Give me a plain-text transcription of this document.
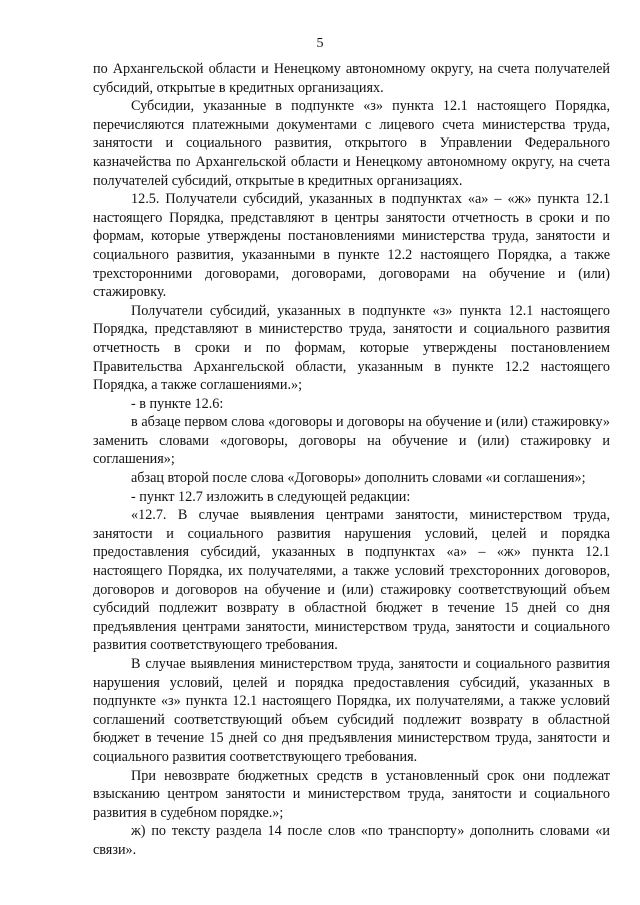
5

по Архангельской области и Ненецкому автономному округу, на счета получателей субсидий, открытые в кредитных организациях.

Субсидии, указанные в подпункте «з» пункта 12.1 настоящего Порядка, перечисляются платежными документами с лицевого счета министерства труда, занятости и социального развития, открытого в Управлении Федерального казначейства по Архангельской области и Ненецкому автономному округу, на счета получателей субсидий, открытые в кредитных организациях.

12.5. Получатели субсидий, указанных в подпунктах «а» – «ж» пункта 12.1 настоящего Порядка, представляют в центры занятости отчетность в сроки и по формам, которые утверждены постановлениями министерства труда, занятости и социального развития, указанными в пункте 12.2 настоящего Порядка, а также трехсторонними договорами, договорами, договорами на обучение и (или) стажировку.

Получатели субсидий, указанных в подпункте «з» пункта 12.1 настоящего Порядка, представляют в министерство труда, занятости и социального развития отчетность в сроки и по формам, которые утверждены постановлением Правительства Архангельской области, указанным в пункте 12.2 настоящего Порядка, а также соглашениями.»;

- в пункте 12.6:

в абзаце первом слова «договоры и договоры на обучение и (или) стажировку» заменить словами «договоры, договоры на обучение и (или) стажировку и соглашения»;

абзац второй после слова «Договоры» дополнить словами «и соглашения»;

- пункт 12.7 изложить в следующей редакции:

«12.7. В случае выявления центрами занятости, министерством труда, занятости и социального развития нарушения условий, целей и порядка предоставления субсидий, указанных в подпунктах «а» – «ж» пункта 12.1 настоящего Порядка, их получателями, а также условий трехсторонних договоров, договоров и договоров на обучение и (или) стажировку соответствующий объем субсидий подлежит возврату в областной бюджет в течение 15 дней со дня предъявления центрами занятости, министерством труда, занятости и социального развития соответствующего требования.

В случае выявления министерством труда, занятости и социального развития нарушения условий, целей и порядка предоставления субсидий, указанных в подпункте «з» пункта 12.1 настоящего Порядка, их получателями, а также условий соглашений соответствующий объем субсидий подлежит возврату в областной бюджет в течение 15 дней со дня предъявления министерством труда, занятости и социального развития соответствующего требования.

При невозврате бюджетных средств в установленный срок они подлежат взысканию центром занятости и министерством труда, занятости и социального развития в судебном порядке.»;

ж) по тексту раздела 14 после слов «по транспорту» дополнить словами «и связи».
